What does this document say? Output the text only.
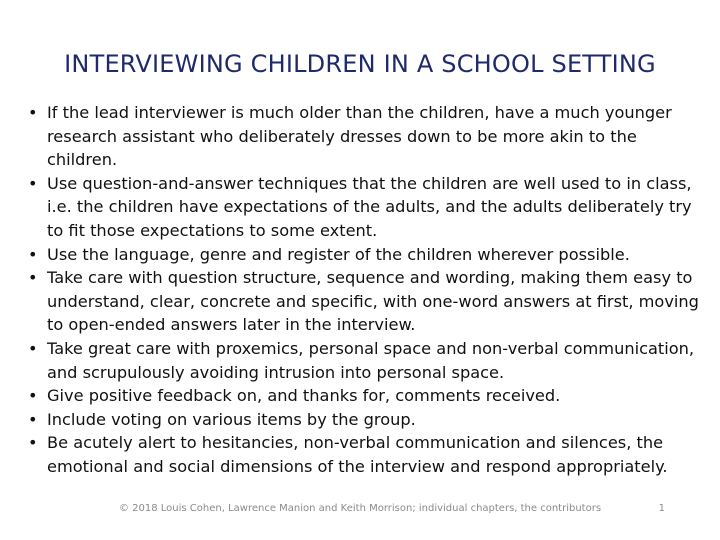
INTERVIEWING CHILDREN IN A SCHOOL SETTING
• If the lead interviewer is much older than the children, have a much younger research assistant who deliberately dresses down to be more akin to the children.
• Use question-and-answer techniques that the children are well used to in class, i.e. the children have expectations of the adults, and the adults deliberately try to fit those expectations to some extent.
• Use the language, genre and register of the children wherever possible.
• Take care with question structure, sequence and wording, making them easy to understand, clear, concrete and specific, with one-word answers at first, moving to open-ended answers later in the interview.
• Take great care with proxemics, personal space and non-verbal communication, and scrupulously avoiding intrusion into personal space.
• Give positive feedback on, and thanks for, comments received.
• Include voting on various items by the group.
• Be acutely alert to hesitancies, non-verbal communication and silences, the emotional and social dimensions of the interview and respond appropriately.
© 2018 Louis Cohen, Lawrence Manion and Keith Morrison; individual chapters, the contributors	1
